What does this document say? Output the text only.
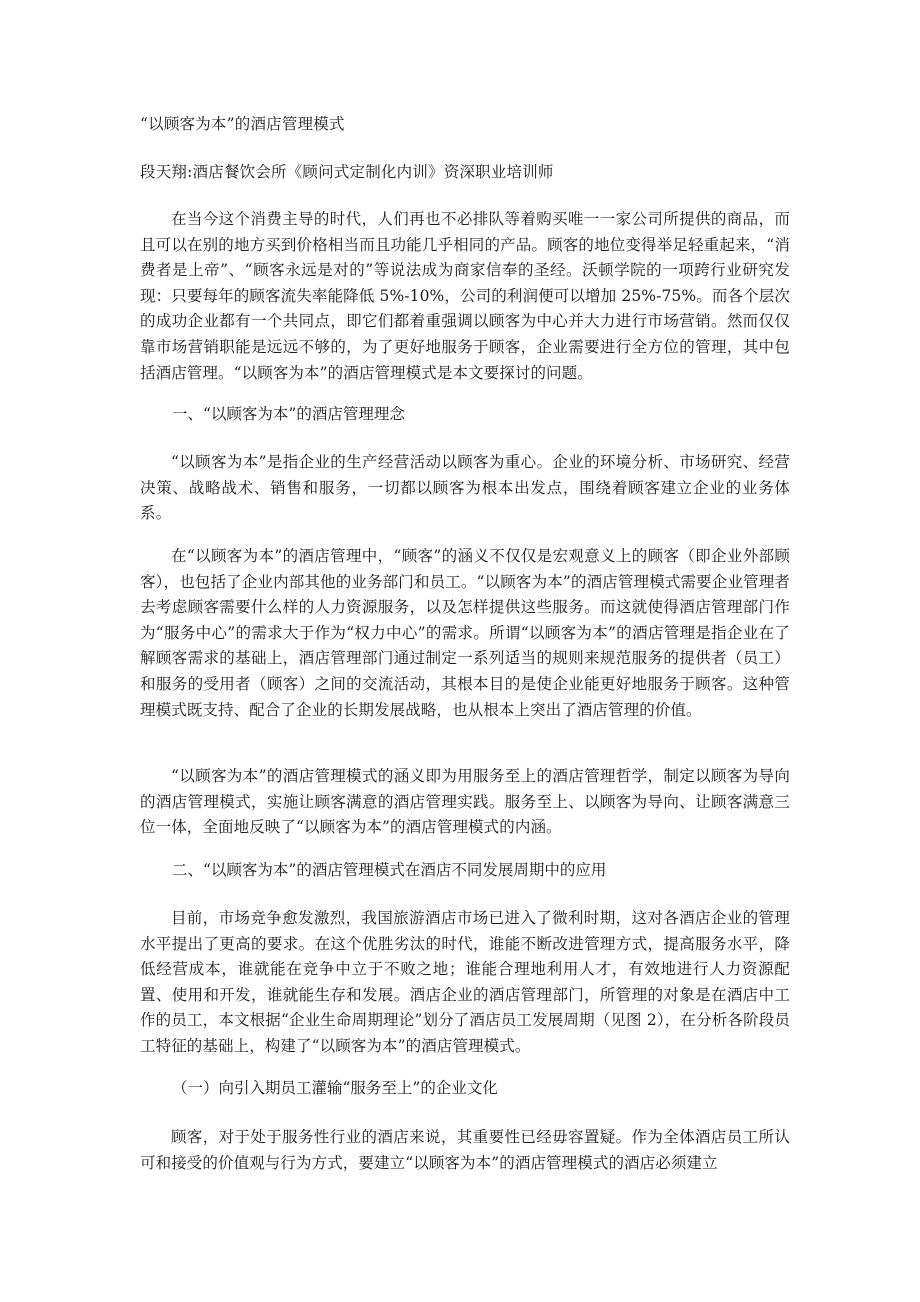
“以顾客为本”的酒店管理模式
段天翔:酒店餐饮会所《顾问式定制化内训》资深职业培训师

在当今这个消费主导的时代，人们再也不必排队等着购买唯一一家公司所提供的商品，而且可以在别的地方买到价格相当而且功能几乎相同的产品。顾客的地位变得举足轻重起来，“消费者是上帝”、“顾客永远是对的”等说法成为商家信奉的圣经。沃顿学院的一项跨行业研究发现：只要每年的顾客流失率能降低 5%-10%，公司的利润便可以增加 25%-75%。而各个层次的成功企业都有一个共同点，即它们都着重强调以顾客为中心并大力进行市场营销。然而仅仅靠市场营销职能是远远不够的，为了更好地服务于顾客，企业需要进行全方位的管理，其中包括酒店管理。“以顾客为本”的酒店管理模式是本文要探讨的问题。

一、“以顾客为本”的酒店管理理念

“以顾客为本”是指企业的生产经营活动以顾客为重心。企业的环境分析、市场研究、经营决策、战略战术、销售和服务，一切都以顾客为根本出发点，围绕着顾客建立企业的业务体系。

在“以顾客为本”的酒店管理中，“顾客”的涵义不仅仅是宏观意义上的顾客（即企业外部顾客），也包括了企业内部其他的业务部门和员工。“以顾客为本”的酒店管理模式需要企业管理者去考虑顾客需要什么样的人力资源服务，以及怎样提供这些服务。而这就使得酒店管理部门作为“服务中心”的需求大于作为“权力中心”的需求。所谓“以顾客为本”的酒店管理是指企业在了解顾客需求的基础上，酒店管理部门通过制定一系列适当的规则来规范服务的提供者（员工）和服务的受用者（顾客）之间的交流活动，其根本目的是使企业能更好地服务于顾客。这种管理模式既支持、配合了企业的长期发展战略，也从根本上突出了酒店管理的价值。

“以顾客为本”的酒店管理模式的涵义即为用服务至上的酒店管理哲学，制定以顾客为导向的酒店管理模式，实施让顾客满意的酒店管理实践。服务至上、以顾客为导向、让顾客满意三位一体，全面地反映了“以顾客为本”的酒店管理模式的内涵。

二、“以顾客为本”的酒店管理模式在酒店不同发展周期中的应用

目前，市场竞争愈发激烈，我国旅游酒店市场已进入了微利时期，这对各酒店企业的管理水平提出了更高的要求。在这个优胜劣汰的时代，谁能不断改进管理方式，提高服务水平，降低经营成本，谁就能在竞争中立于不败之地；谁能合理地利用人才，有效地进行人力资源配置、使用和开发，谁就能生存和发展。酒店企业的酒店管理部门，所管理的对象是在酒店中工作的员工，本文根据“企业生命周期理论”划分了酒店员工发展周期（见图 2），在分析各阶段员工特征的基础上，构建了“以顾客为本”的酒店管理模式。

（一）向引入期员工灌输“服务至上”的企业文化

顾客，对于处于服务性行业的酒店来说，其重要性已经毋容置疑。作为全体酒店员工所认可和接受的价值观与行为方式，要建立“以顾客为本”的酒店管理模式的酒店必须建立
